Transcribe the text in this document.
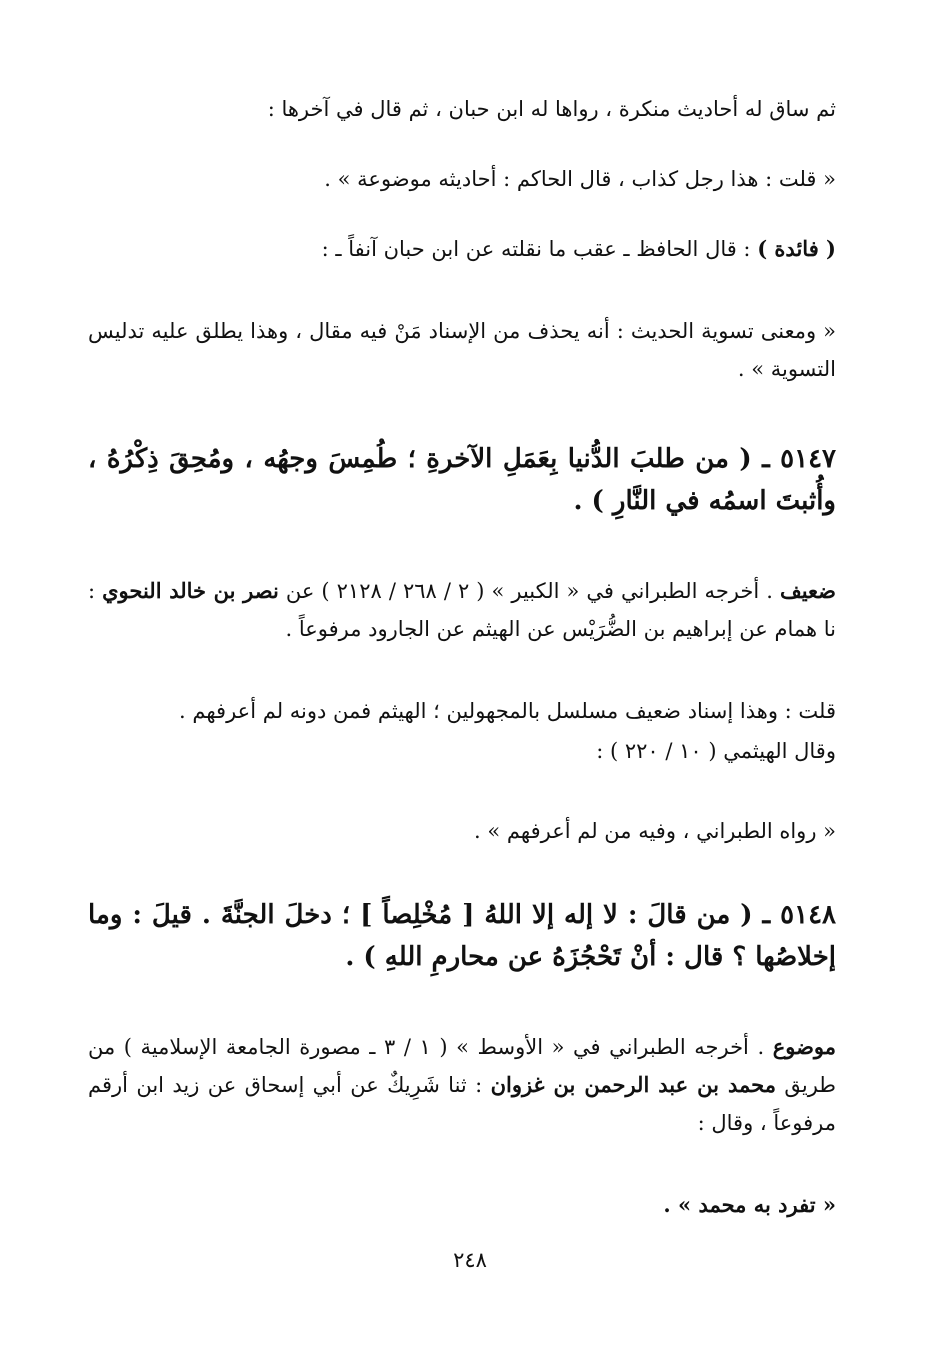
ثم ساق له أحاديث منكرة ، رواها له ابن حبان ، ثم قال في آخرها :
« قلت : هذا رجل كذاب ، قال الحاكم : أحاديثه موضوعة » .
( فائدة ) : قال الحافظ ـ عقب ما نقلته عن ابن حبان آنفاً ـ :
« ومعنى تسوية الحديث : أنه يحذف من الإسناد مَنْ فيه مقال ، وهذا يطلق عليه تدليس التسوية » .
٥١٤٧ ـ ( من طلبَ الدُّنيا بِعَمَلِ الآخرةِ ؛ طُمِسَ وجهُه ، ومُحِقَ ذِكْرُهُ ، وأُثبتَ اسمُه في النَّارِ ) .
ضعيف . أخرجه الطبراني في « الكبير » ( ٢ / ٢٦٨ / ٢١٢٨ ) عن نصر بن خالد النحوي : نا همام عن إبراهيم بن الضُّرَيْس عن الهيثم عن الجارود مرفوعاً .
قلت : وهذا إسناد ضعيف مسلسل بالمجهولين ؛ الهيثم فمن دونه لم أعرفهم .
وقال الهيثمي ( ١٠ / ٢٢٠ ) :
« رواه الطبراني ، وفيه من لم أعرفهم » .
٥١٤٨ ـ ( من قالَ : لا إله إلا اللهُ [ مُخْلِصاً ] ؛ دخلَ الجنَّةَ . قيلَ : وما إخلاصُها ؟ قال : أنْ تَحْجُزَهُ عن محارمِ اللهِ ) .
موضوع . أخرجه الطبراني في « الأوسط » ( ١ / ٣ ـ مصورة الجامعة الإسلامية ) من طريق محمد بن عبد الرحمن بن غزوان : ثنا شَرِيكٌ عن أبي إسحاق عن زيد ابن أرقم مرفوعاً ، وقال :
« تفرد به محمد » .
٢٤٨
